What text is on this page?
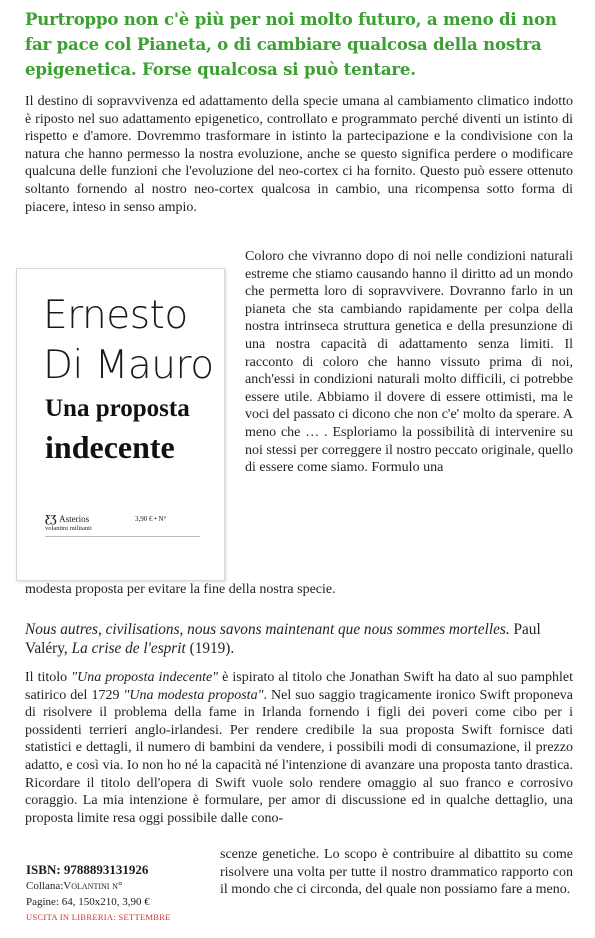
Purtroppo non c'è più per noi molto futuro, a meno di non far pace col Pianeta, o di cambiare qualcosa della nostra epigenetica. Forse qualcosa si può tentare.
Il destino di sopravvivenza ed adattamento della specie umana al cambiamento climatico indotto è riposto nel suo adattamento epigenetico, controllato e programmato perché diventi un istinto di rispetto e d'amore. Dovremmo trasformare in istinto la partecipazione e la condivisione con la natura che hanno permesso la nostra evoluzione, anche se questo significa perdere o modificare qualcuna delle funzioni che l'evoluzione del neo-cortex ci ha fornito. Questo può essere ottenuto soltanto fornendo al nostro neo-cortex qualcosa in cambio, una ricompensa sotto forma di piacere, inteso in senso ampio.
Ernesto
Di Mauro
Una proposta
indecente
ƸƷ Asterios
volantini militanti
3,90 € • N°
Coloro che vivranno dopo di noi nelle condizioni naturali estreme che stiamo causando hanno il diritto ad un mondo che permetta loro di sopravvivere. Dovranno farlo in un pianeta che sta cambiando rapidamente per colpa della nostra intrinseca struttura genetica e della presunzione di una nostra capacità di adattamento senza limiti. Il racconto di coloro che hanno vissuto prima di noi, anch'essi in condizioni naturali molto difficili, ci potrebbe essere utile. Abbiamo il dovere di essere ottimisti, ma le voci del passato ci dicono che non c'e' molto da sperare. A meno che … . Esploriamo la possibilità di intervenire su noi stessi per correggere il nostro peccato originale, quello di essere come siamo. Formulo una
modesta proposta per evitare la fine della nostra specie.
Nous autres, civilisations, nous savons maintenant que nous sommes mortelles. Paul Valéry, La crise de l'esprit (1919).
Il titolo "Una proposta indecente" è ispirato al titolo che Jonathan Swift ha dato al suo pamphlet satirico del 1729 "Una modesta proposta". Nel suo saggio tragicamente ironico Swift proponeva di risolvere il problema della fame in Irlanda fornendo i figli dei poveri come cibo per i possidenti terrieri anglo-irlandesi. Per rendere credibile la sua proposta Swift fornisce dati statistici e dettagli, il numero di bambini da vendere, i possibili modi di consumazione, il prezzo adatto, e così via. Io non ho né la capacità né l'intenzione di avanzare una proposta tanto drastica. Ricordare il titolo dell'opera di Swift vuole solo rendere omaggio al suo franco e corrosivo coraggio. La mia intenzione è formulare, per amor di discussione ed in qualche dettaglio, una proposta limite resa oggi possibile dalle cono-
scenze genetiche. Lo scopo è contribuire al dibattito su come risolvere una volta per tutte il nostro drammatico rapporto con il mondo che ci circonda, del quale non possiamo fare a meno.
ISBN: 9788893131926
Collana:Volantini n°
Pagine: 64, 150x210, 3,90 €
USCITA IN LIBRERIA: SETTEMBRE
